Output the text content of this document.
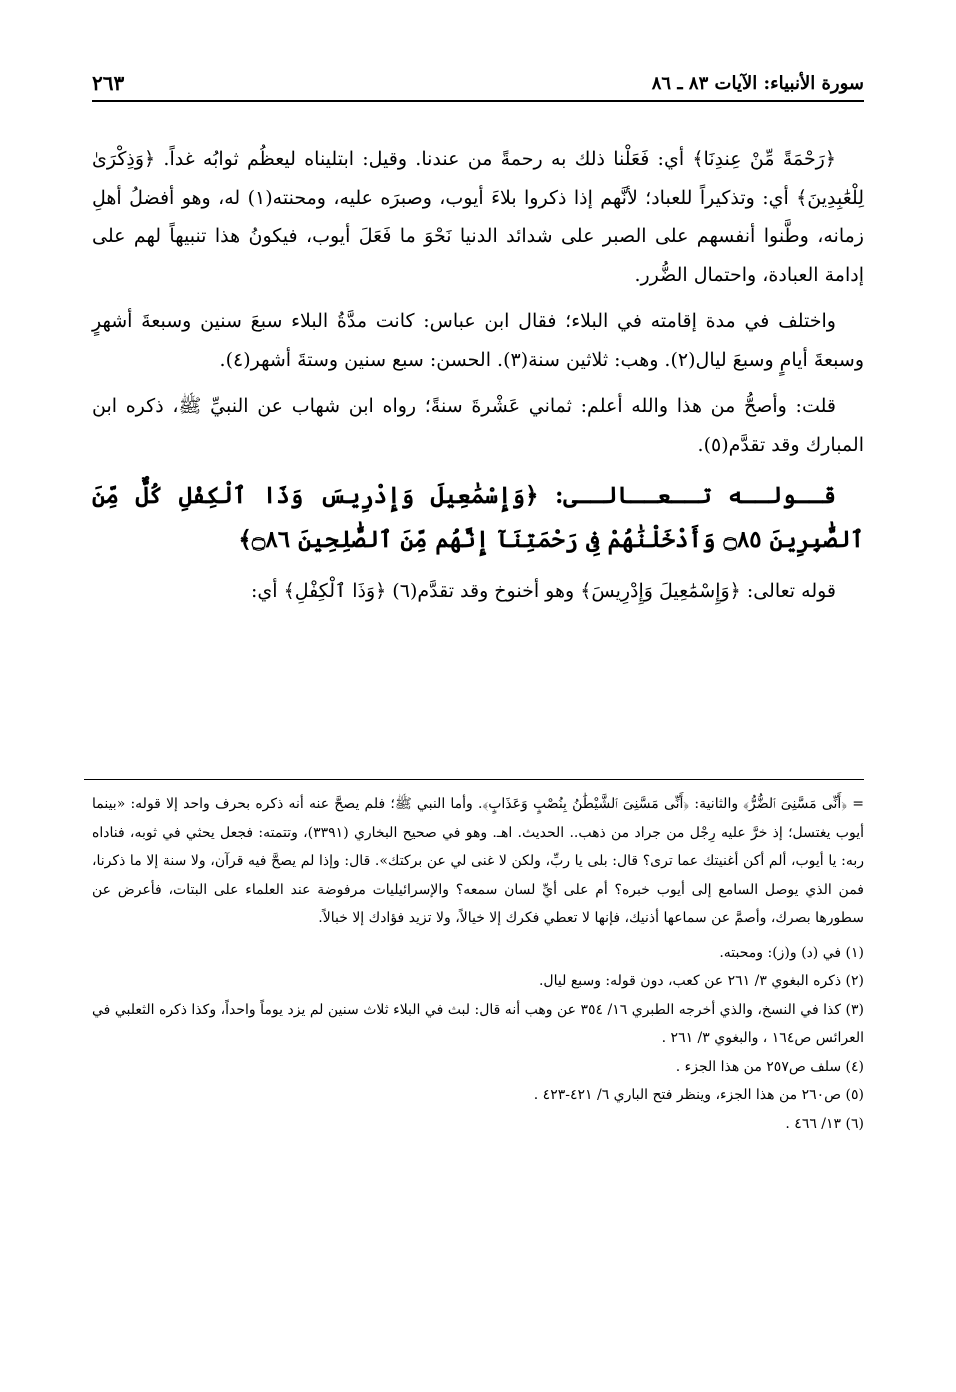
سورة الأنبياء: الآيات ٨٣ ـ ٨٦
٢٦٣

﴿رَحْمَةً مِّنْ عِندِنَا﴾ أي: فَعَلْنا ذلك به رحمةً من عندنا. وقيل: ابتليناه ليعظُم ثوابُه غداً. ﴿وَذِكْرَىٰ لِلْعَٰبِدِينَ﴾ أي: وتذكيراً للعباد؛ لأنَّهم إذا ذكروا بلاءَ أيوب، وصبرَه عليه، ومحنته(١) له، وهو أفضلُ أهلِ زمانه، وطَّنوا أنفسهم على الصبر على شدائد الدنيا نَحْوَ ما فَعَلَ أيوب، فيكونُ هذا تنبيهاً لهم على إدامة العبادة، واحتمال الضُّرر.

واختلف في مدة إقامته في البلاء؛ فقال ابن عباس: كانت مدَّةُ البلاء سبعَ سنين وسبعةَ أشهرٍ وسبعةَ أيامٍ وسبعَ ليال(٢). وهب: ثلاثين سنة(٣). الحسن: سبع سنين وستةَ أشهر(٤).

قلت: وأصحُّ من هذا والله أعلم: ثماني عَشْرةَ سنةً؛ رواه ابن شهاب عن النبيِّ ﷺ، ذكره ابن المبارك وقد تقدَّم(٥).

قــولــه تــعــالــى: ﴿وَإِسْمَٰعِيلَ وَإِدْرِيسَ وَذَا ٱلْكِفْلِ كُلٌّ مِّنَ ٱلصَّٰبِرِينَ ۝٨٥ وَأَدْخَلْنَٰهُمْ فِى رَحْمَتِنَآ إِنَّهُم مِّنَ ٱلصَّٰلِحِينَ ۝٨٦﴾

قوله تعالى: ﴿وَإِسْمَٰعِيلَ وَإِدْرِيسَ﴾ وهو أخنوخ وقد تقدَّم(٦) ﴿وَذَا ٱلْكِفْلِ﴾ أي:

= ﴿أَنِّى مَسَّنِىَ ٱلضُّرُّ﴾ والثانية: ﴿أَنِّى مَسَّنِىَ ٱلشَّيْطَٰنُ بِنُصْبٍ وَعَذَابٍ﴾. وأما النبي ﷺ؛ فلم يصحَّ عنه أنه ذكره بحرف واحد إلا قوله: «بينما أيوب يغتسل؛ إذ خرَّ عليه رِجْل من جراد من ذهب.. الحديث. اهـ. وهو في صحيح البخاري (٣٣٩١)، وتتمته: فجعل يحثي في ثوبه، فناداه ربه: يا أيوب، ألم أكن أغنيتك عما ترى؟ قال: بلى يا ربِّ، ولكن لا غنى لي عن بركتك». قال: وإذا لم يصحَّ فيه قرآن، ولا سنة إلا ما ذكرنا، فمن الذي يوصل السامع إلى أيوب خبره؟ أم على أيِّ لسان سمعه؟ والإسرائيليات مرفوضة عند العلماء على البتات، فأعرض عن سطورها بصرك، وأصمَّ عن سماعها أذنيك، فإنها لا تعطي فكرك إلا خيالاً، ولا تزيد فؤادك إلا خبالاً.

(١) في (د) و(ز): ومحبته.

(٢) ذكره البغوي ٣/ ٢٦١ عن كعب، دون قوله: وسبع ليال.

(٣) كذا في النسخ، والذي أخرجه الطبري ١٦/ ٣٥٤ عن وهب أنه قال: لبث في البلاء ثلاث سنين لم يزد يوماً واحداً، وكذا ذكره الثعلبي في العرائس ص١٦٤ ، والبغوي ٣/ ٢٦١ .

(٤) سلف ص٢٥٧ من هذا الجزء .

(٥) ص٢٦٠ من هذا الجزء، وينظر فتح الباري ٦/ ٤٢١-٤٢٣ .

(٦) ١٣/ ٤٦٦ .
